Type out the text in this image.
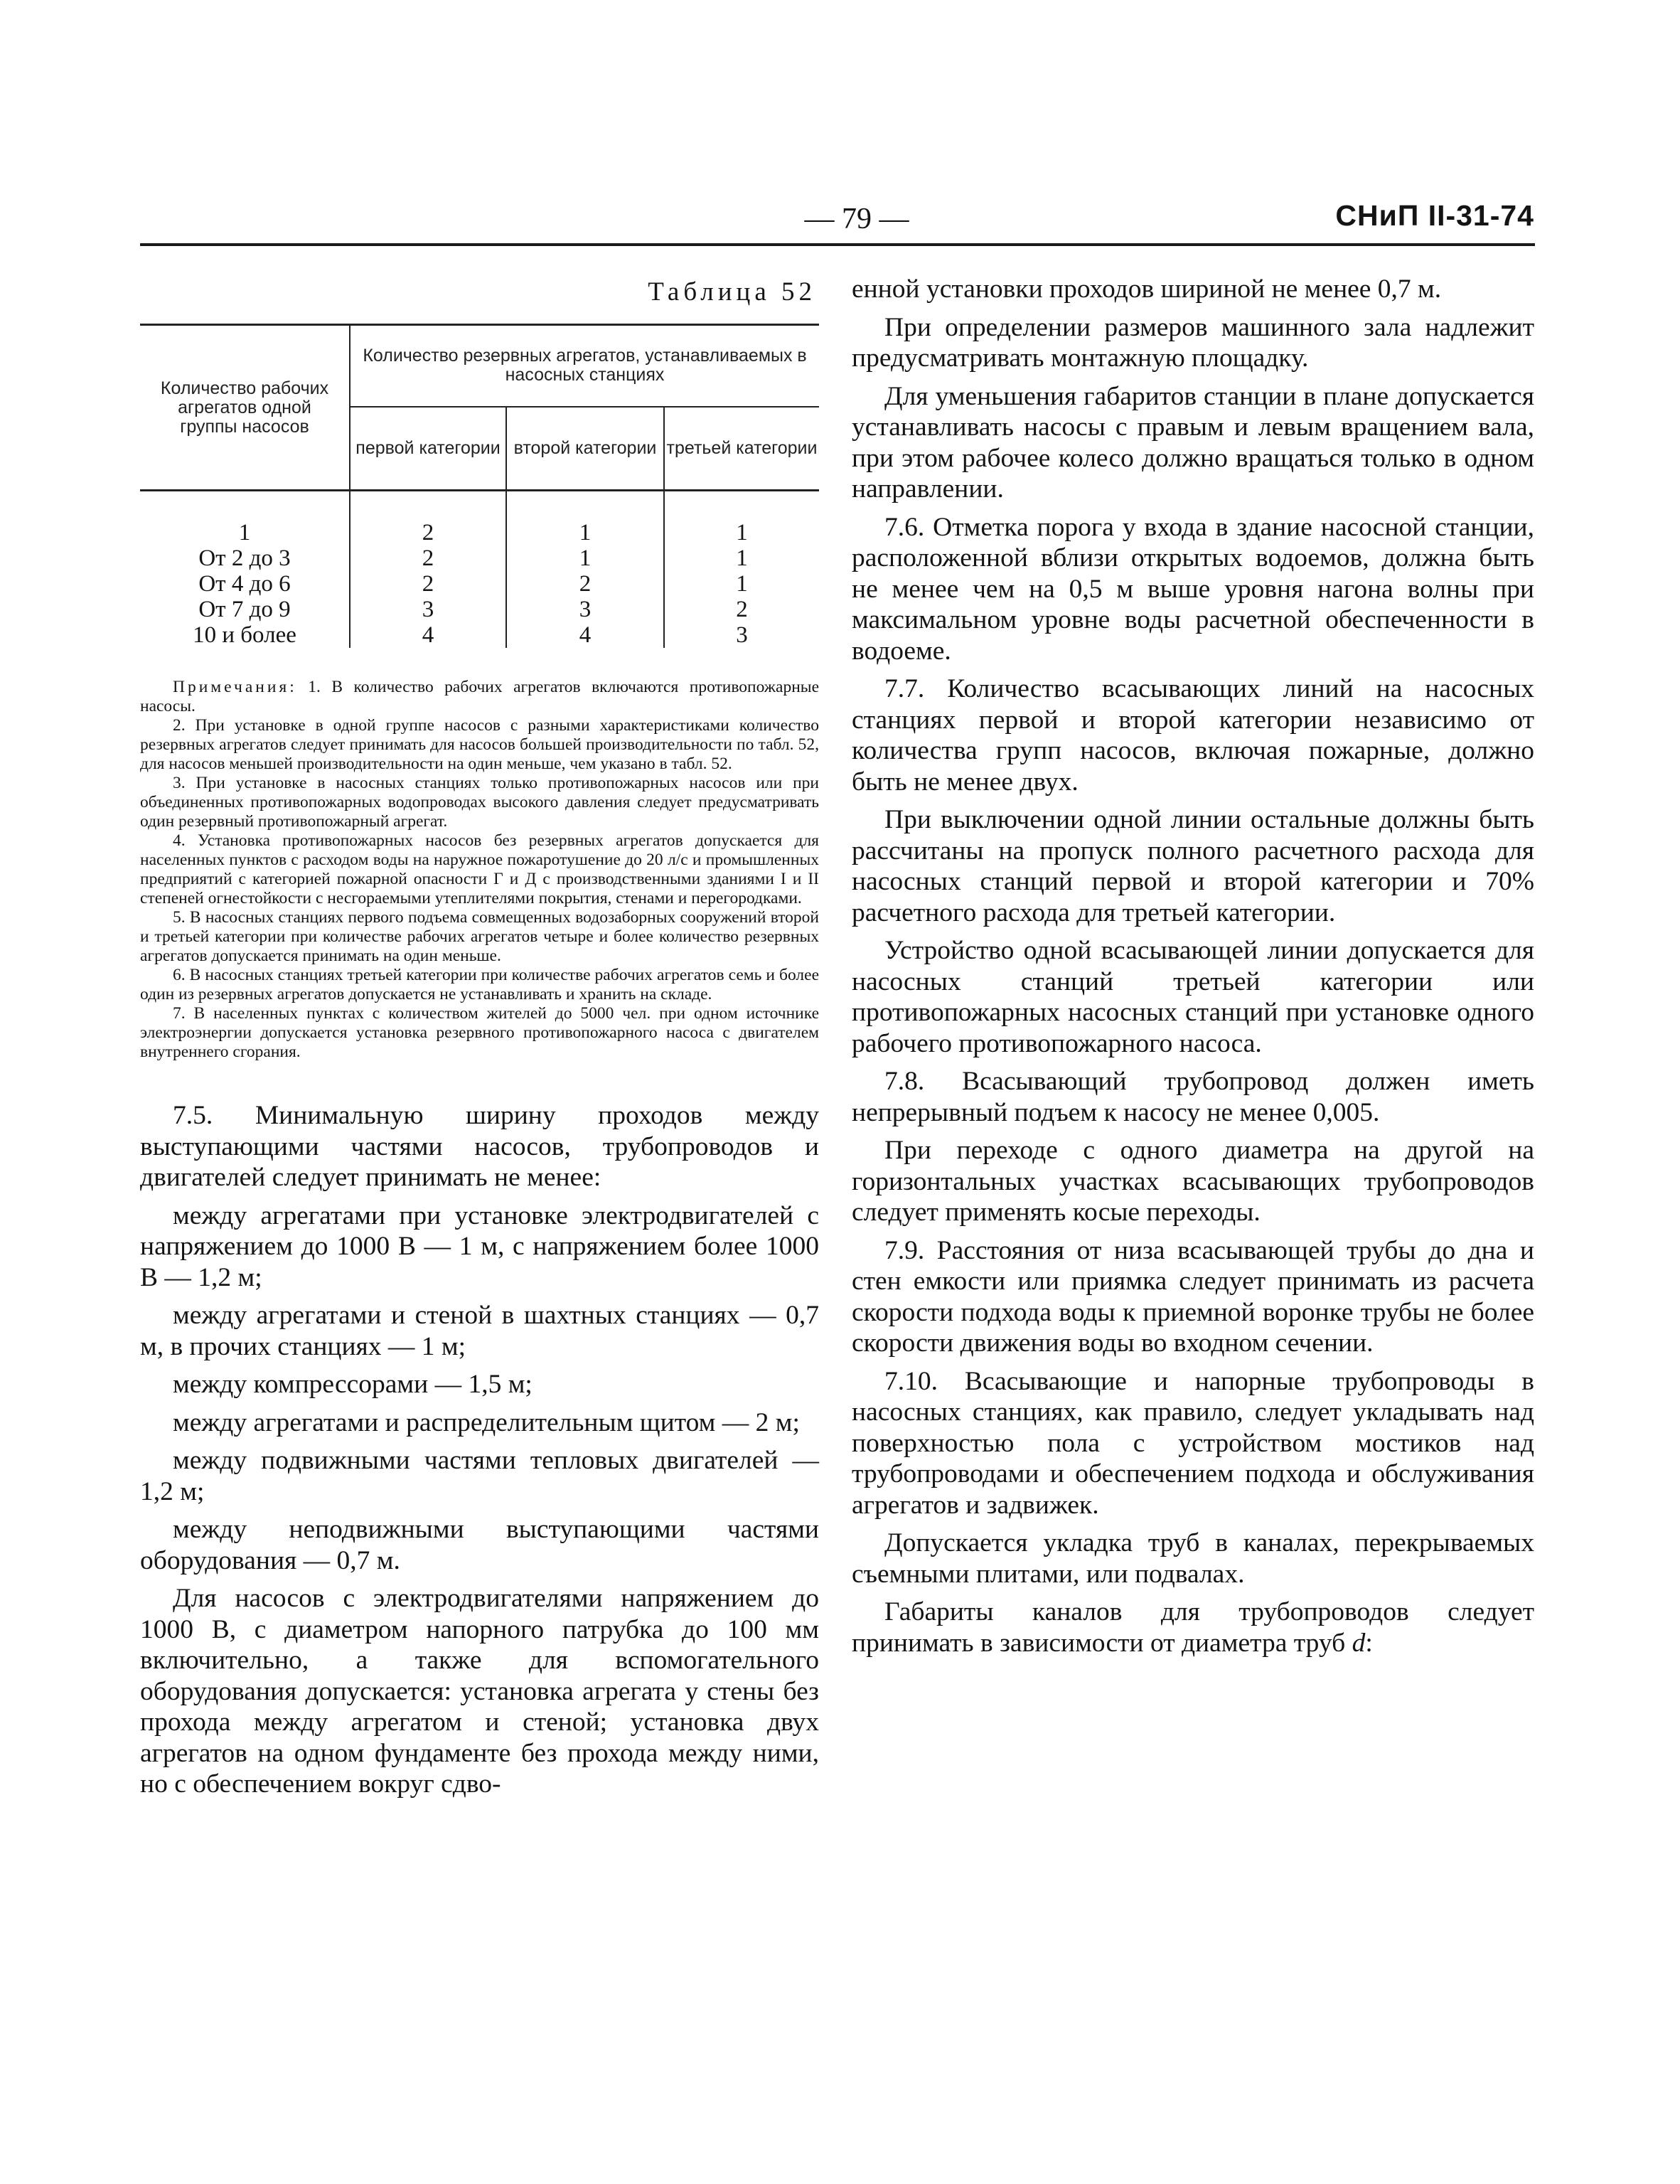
— 79 —	СНиП II-31-74
Таблица 52
Количество рабочих агрегатов одной группы насосов	Количество резервных агрегатов, устанавливаемых в насосных станциях		
	первой категории	второй категории	третьей категории

1	2	1	1
От 2 до 3	2	1	1
От 4 до 6	2	2	1
От 7 до 9	3	3	2
10 и более	4	4	3

Примечания: 1. В количество рабочих агрегатов включаются противопожарные насосы.

2. При установке в одной группе насосов с разными характеристиками количество резервных агрегатов следует принимать для насосов большей производительности по табл. 52, для насосов меньшей производительности на один меньше, чем указано в табл. 52.

3. При установке в насосных станциях только противопожарных насосов или при объединенных противопожарных водопроводах высокого давления следует предусматривать один резервный противопожарный агрегат.

4. Установка противопожарных насосов без резервных агрегатов допускается для населенных пунктов с расходом воды на наружное пожаротушение до 20 л/с и промышленных предприятий с категорией пожарной опасности Г и Д с производственными зданиями I и II степеней огнестойкости с несгораемыми утеплителями покрытия, стенами и перегородками.

5. В насосных станциях первого подъема совмещенных водозаборных сооружений второй и третьей категории при количестве рабочих агрегатов четыре и более количество резервных агрегатов допускается принимать на один меньше.

6. В насосных станциях третьей категории при количестве рабочих агрегатов семь и более один из резервных агрегатов допускается не устанавливать и хранить на складе.

7. В населенных пунктах с количеством жителей до 5000 чел. при одном источнике электроэнергии допускается установка резервного противопожарного насоса с двигателем внутреннего сгорания.

7.5. Минимальную ширину проходов между выступающими частями насосов, трубопроводов и двигателей следует принимать не менее:

между агрегатами при установке электродвигателей с напряжением до 1000 В — 1 м, с напряжением более 1000 В — 1,2 м;

между агрегатами и стеной в шахтных станциях — 0,7 м, в прочих станциях — 1 м;

между компрессорами — 1,5 м;

между агрегатами и распределительным щитом — 2 м;

между подвижными частями тепловых двигателей — 1,2 м;

между неподвижными выступающими частями оборудования — 0,7 м.

Для насосов с электродвигателями напряжением до 1000 В, с диаметром напорного патрубка до 100 мм включительно, а также для вспомогательного оборудования допускается: установка агрегата у стены без прохода между агрегатом и стеной; установка двух агрегатов на одном фундаменте без прохода между ними, но с обеспечением вокруг сдво-

енной установки проходов шириной не менее 0,7 м.

При определении размеров машинного зала надлежит предусматривать монтажную площадку.

Для уменьшения габаритов станции в плане допускается устанавливать насосы с правым и левым вращением вала, при этом рабочее колесо должно вращаться только в одном направлении.

7.6. Отметка порога у входа в здание насосной станции, расположенной вблизи открытых водоемов, должна быть не менее чем на 0,5 м выше уровня нагона волны при максимальном уровне воды расчетной обеспеченности в водоеме.

7.7. Количество всасывающих линий на насосных станциях первой и второй категории независимо от количества групп насосов, включая пожарные, должно быть не менее двух.

При выключении одной линии остальные должны быть рассчитаны на пропуск полного расчетного расхода для насосных станций первой и второй категории и 70% расчетного расхода для третьей категории.

Устройство одной всасывающей линии допускается для насосных станций третьей категории или противопожарных насосных станций при установке одного рабочего противопожарного насоса.

7.8. Всасывающий трубопровод должен иметь непрерывный подъем к насосу не менее 0,005.

При переходе с одного диаметра на другой на горизонтальных участках всасывающих трубопроводов следует применять косые переходы.

7.9. Расстояния от низа всасывающей трубы до дна и стен емкости или приямка следует принимать из расчета скорости подхода воды к приемной воронке трубы не более скорости движения воды во входном сечении.

7.10. Всасывающие и напорные трубопроводы в насосных станциях, как правило, следует укладывать над поверхностью пола с устройством мостиков над трубопроводами и обеспечением подхода и обслуживания агрегатов и задвижек.

Допускается укладка труб в каналах, перекрываемых съемными плитами, или подвалах.

Габариты каналов для трубопроводов следует принимать в зависимости от диаметра труб d:
